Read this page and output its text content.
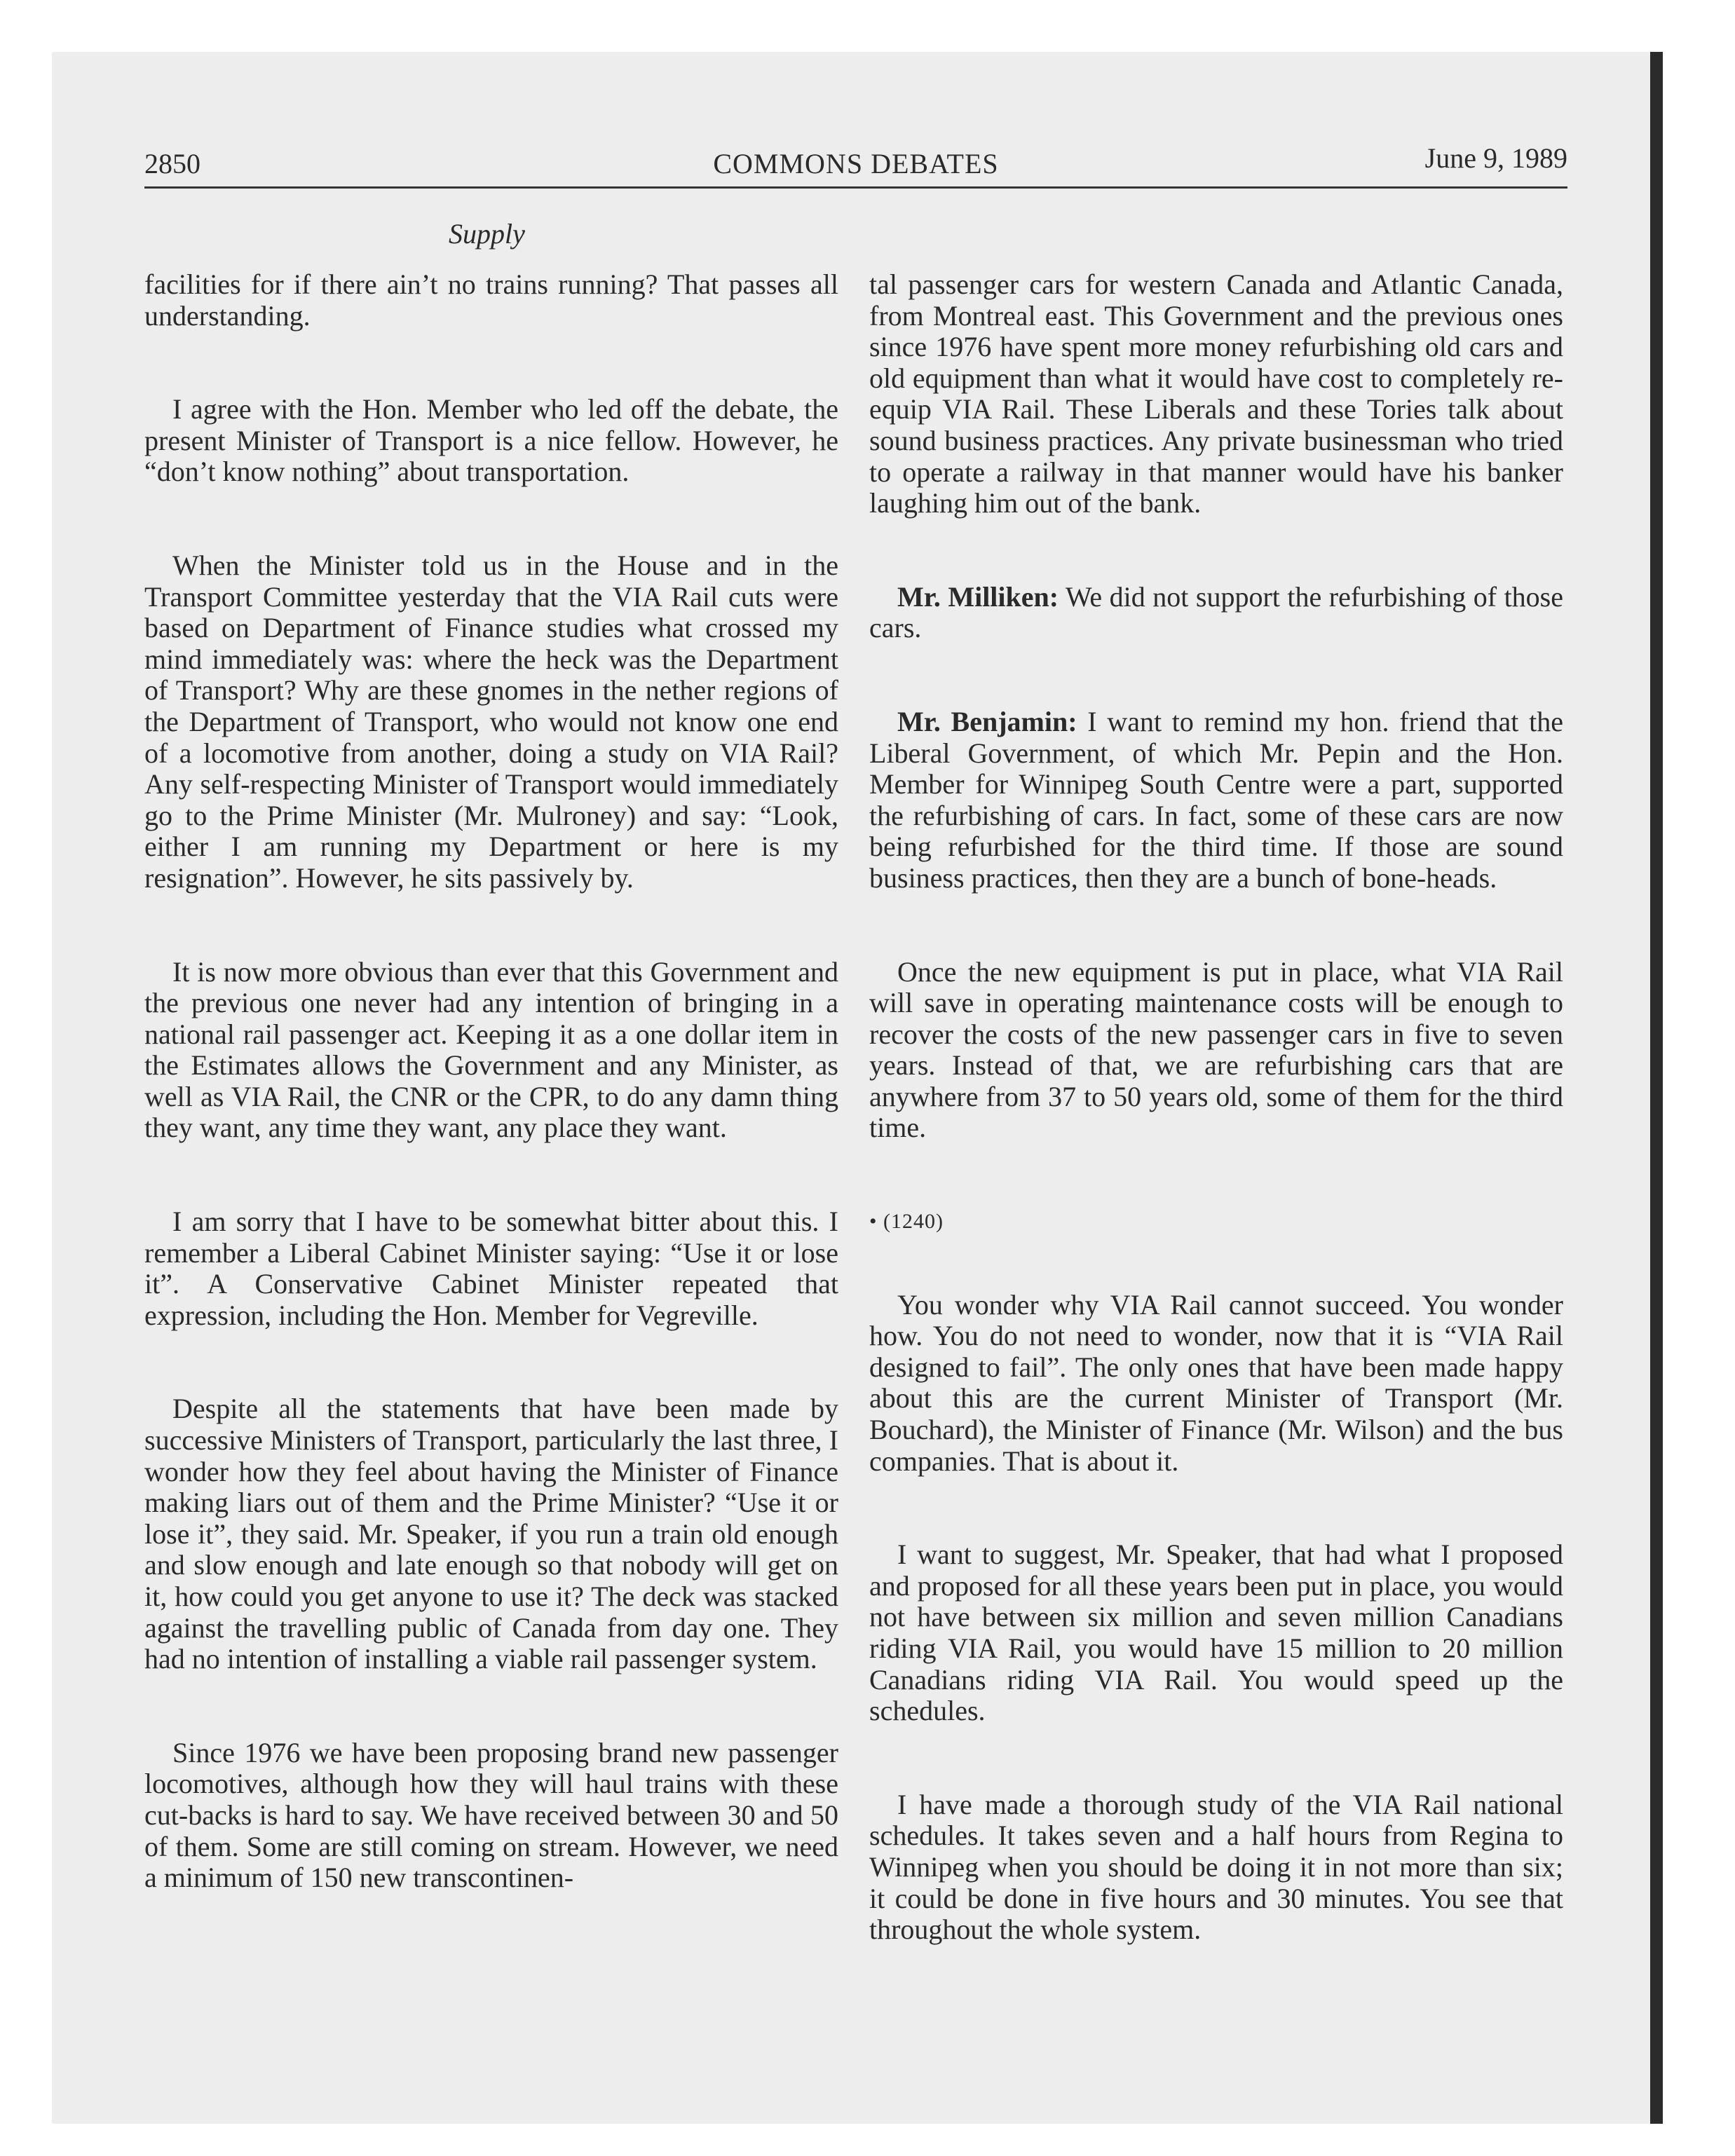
2850	COMMONS DEBATES	June 9, 1989
Supply

facilities for if there ain’t no trains running? That passes all understanding.

I agree with the Hon. Member who led off the debate, the present Minister of Transport is a nice fellow. However, he “don’t know nothing” about transportation.

When the Minister told us in the House and in the Transport Committee yesterday that the VIA Rail cuts were based on Department of Finance studies what crossed my mind immediately was: where the heck was the Department of Transport? Why are these gnomes in the nether regions of the Department of Transport, who would not know one end of a locomotive from another, doing a study on VIA Rail? Any self-respecting Minister of Transport would immediately go to the Prime Minister (Mr. Mulroney) and say: “Look, either I am running my Department or here is my resignation”. However, he sits passively by.

It is now more obvious than ever that this Government and the previous one never had any intention of bringing in a national rail passenger act. Keeping it as a one dollar item in the Estimates allows the Government and any Minister, as well as VIA Rail, the CNR or the CPR, to do any damn thing they want, any time they want, any place they want.

I am sorry that I have to be somewhat bitter about this. I remember a Liberal Cabinet Minister saying: “Use it or lose it”. A Conservative Cabinet Minister repeated that expression, including the Hon. Member for Vegreville.

Despite all the statements that have been made by successive Ministers of Transport, particularly the last three, I wonder how they feel about having the Minister of Finance making liars out of them and the Prime Minister? “Use it or lose it”, they said. Mr. Speaker, if you run a train old enough and slow enough and late enough so that nobody will get on it, how could you get anyone to use it? The deck was stacked against the travelling public of Canada from day one. They had no intention of installing a viable rail passenger system.

Since 1976 we have been proposing brand new passenger locomotives, although how they will haul trains with these cut-backs is hard to say. We have received between 30 and 50 of them. Some are still coming on stream. However, we need a minimum of 150 new transcontinen-

tal passenger cars for western Canada and Atlantic Canada, from Montreal east. This Government and the previous ones since 1976 have spent more money refurbishing old cars and old equipment than what it would have cost to completely re-equip VIA Rail. These Liberals and these Tories talk about sound business practices. Any private businessman who tried to operate a railway in that manner would have his banker laughing him out of the bank.

Mr. Milliken: We did not support the refurbishing of those cars.

Mr. Benjamin: I want to remind my hon. friend that the Liberal Government, of which Mr. Pepin and the Hon. Member for Winnipeg South Centre were a part, supported the refurbishing of cars. In fact, some of these cars are now being refurbished for the third time. If those are sound business practices, then they are a bunch of bone-heads.

Once the new equipment is put in place, what VIA Rail will save in operating maintenance costs will be enough to recover the costs of the new passenger cars in five to seven years. Instead of that, we are refurbishing cars that are anywhere from 37 to 50 years old, some of them for the third time.

• (1240)

You wonder why VIA Rail cannot succeed. You wonder how. You do not need to wonder, now that it is “VIA Rail designed to fail”. The only ones that have been made happy about this are the current Minister of Transport (Mr. Bouchard), the Minister of Finance (Mr. Wilson) and the bus companies. That is about it.

I want to suggest, Mr. Speaker, that had what I proposed and proposed for all these years been put in place, you would not have between six million and seven million Canadians riding VIA Rail, you would have 15 million to 20 million Canadians riding VIA Rail. You would speed up the schedules.

I have made a thorough study of the VIA Rail national schedules. It takes seven and a half hours from Regina to Winnipeg when you should be doing it in not more than six; it could be done in five hours and 30 minutes. You see that throughout the whole system.
